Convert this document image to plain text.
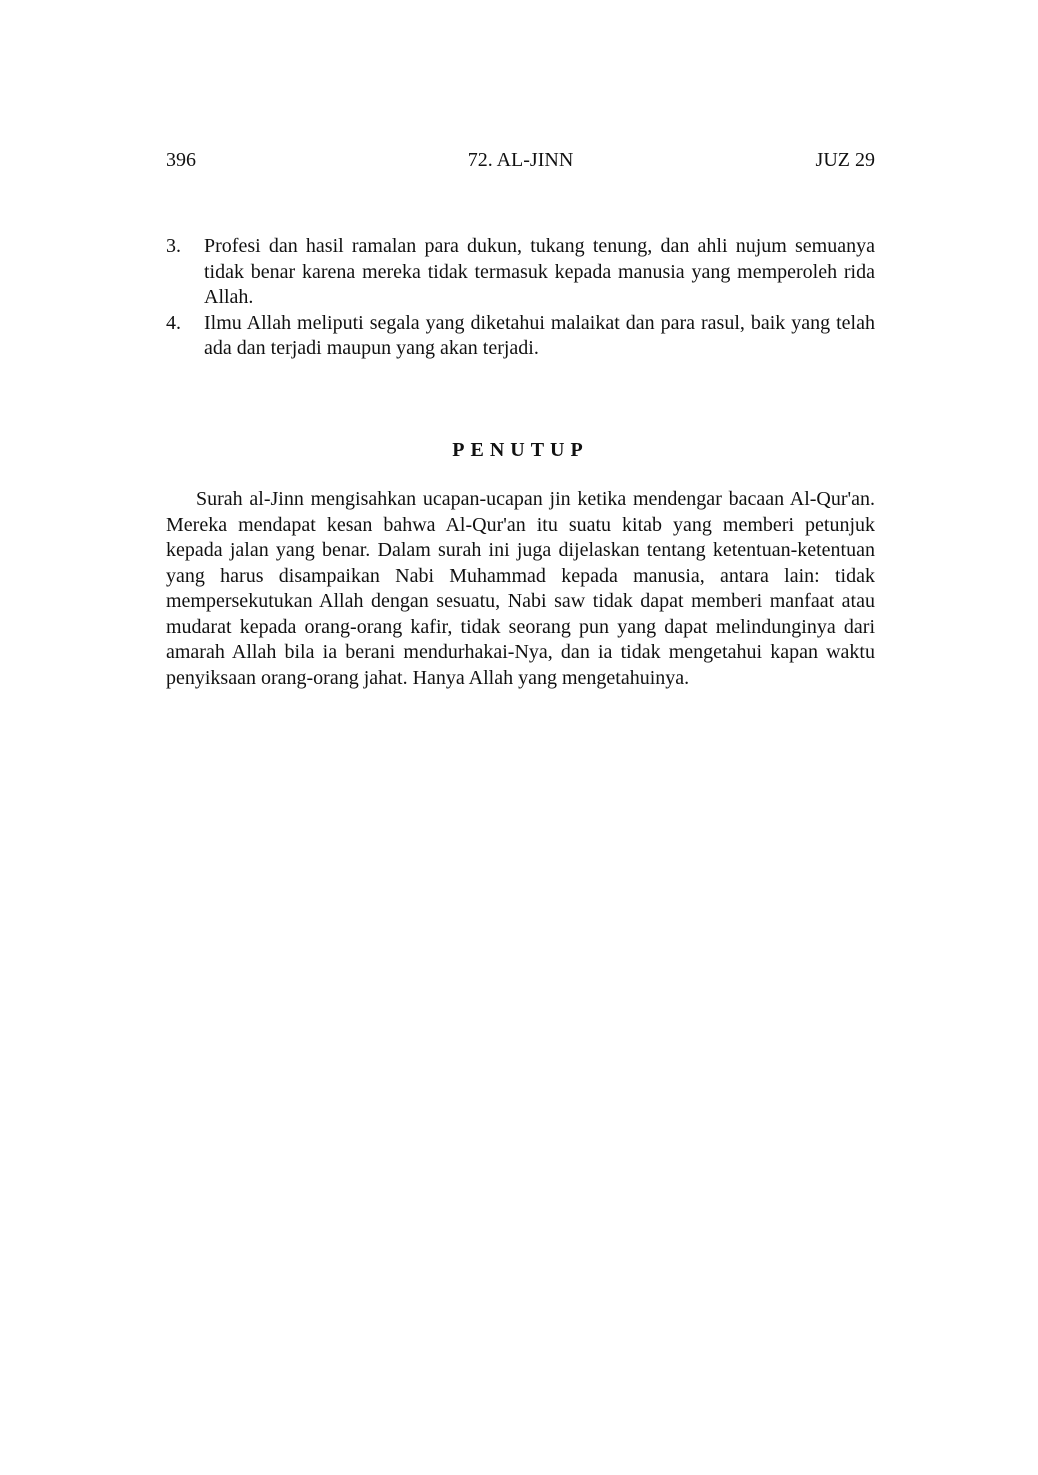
396	72. AL-JINN	JUZ 29
3. Profesi dan hasil ramalan para dukun, tukang tenung, dan ahli nujum semuanya tidak benar karena mereka tidak termasuk kepada manusia yang memperoleh rida Allah.
4. Ilmu Allah meliputi segala yang diketahui malaikat dan para rasul, baik yang telah ada dan terjadi maupun yang akan terjadi.
PENUTUP

Surah al-Jinn mengisahkan ucapan-ucapan jin ketika mendengar bacaan Al-Qur'an. Mereka mendapat kesan bahwa Al-Qur'an itu suatu kitab yang memberi petunjuk kepada jalan yang benar. Dalam surah ini juga dijelaskan tentang ketentuan-ketentuan yang harus disampaikan Nabi Muhammad kepada manusia, antara lain: tidak mempersekutukan Allah dengan sesuatu, Nabi saw tidak dapat memberi manfaat atau mudarat kepada orang-orang kafir, tidak seorang pun yang dapat melindunginya dari amarah Allah bila ia berani mendurhakai-Nya, dan ia tidak mengetahui kapan waktu penyiksaan orang-orang jahat. Hanya Allah yang mengetahuinya.
